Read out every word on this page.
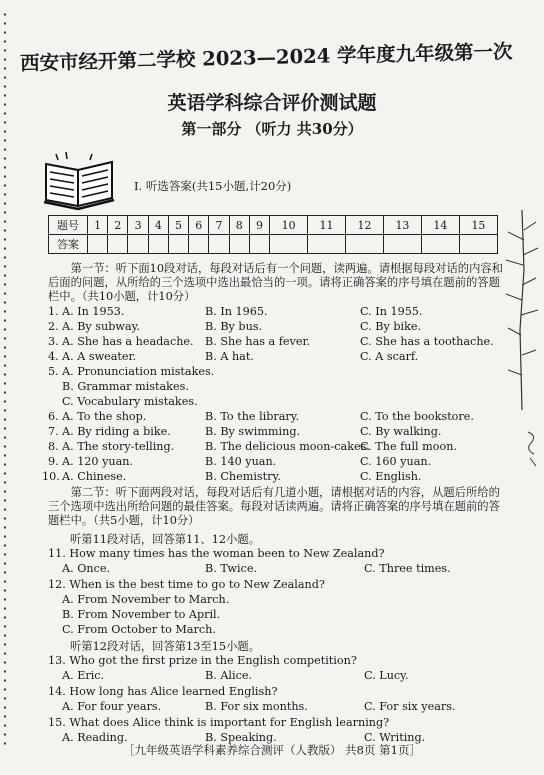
西安市经开第二学校 2023—2024 学年度九年级第一次
英语学科综合评价测试题
第一部分 （听力 共30分）
Ⅰ. 听选答案(共15小题,计20分)
题号	1	2	3	4	5	6	7	8	9	10	11	12	13	14	15
答案															
第一节：听下面10段对话，每段对话后有一个问题，读两遍。请根据每段对话的内容和后面的问题，从所给的三个选项中选出最恰当的一项。请将正确答案的序号填在题前的答题栏中。（共10小题，计10分）
1. A. In 1953.	B. In 1965.	C. In 1955.
2. A. By subway.	B. By bus.	C. By bike.
3. A. She has a headache. B. She has a fever.	C. She has a toothache.
4. A. A sweater.	B. A hat.	C. A scarf.
5. A. Pronunciation mistakes.
B. Grammar mistakes.
C. Vocabulary mistakes.
6. A. To the shop.	B. To the library.	C. To the bookstore.
7. A. By riding a bike.	B. By swimming.	C. By walking.
8. A. The story-telling.	B. The delicious moon-cakes.
C. The full moon.
9. A. 120 yuan.	B. 140 yuan.	C. 160 yuan.
10. A. Chinese.	B. Chemistry.	C. English.
第二节：听下面两段对话，每段对话后有几道小题，请根据对话的内容，从题后所给的三个选项中选出所给问题的最佳答案。每段对话读两遍。请将正确答案的序号填在题前的答题栏中。（共5小题，计10分）
听第11段对话，回答第11、12小题。
11. How many times has the woman been to New Zealand?
A. Once.	B. Twice.	C. Three times.
12. When is the best time to go to New Zealand?
A. From November to March.
B. From November to April.
C. From October to March.
听第12段对话，回答第13至15小题。
13. Who got the first prize in the English competition?
A. Eric.	B. Alice.	C. Lucy.
14. How long has Alice learned English?
A. For four years.	B. For six months.	C. For six years.
15. What does Alice think is important for English learning?
A. Reading.	B. Speaking.	C. Writing.
［九年级英语学科素养综合测评（人教版） 共8页 第1页］
